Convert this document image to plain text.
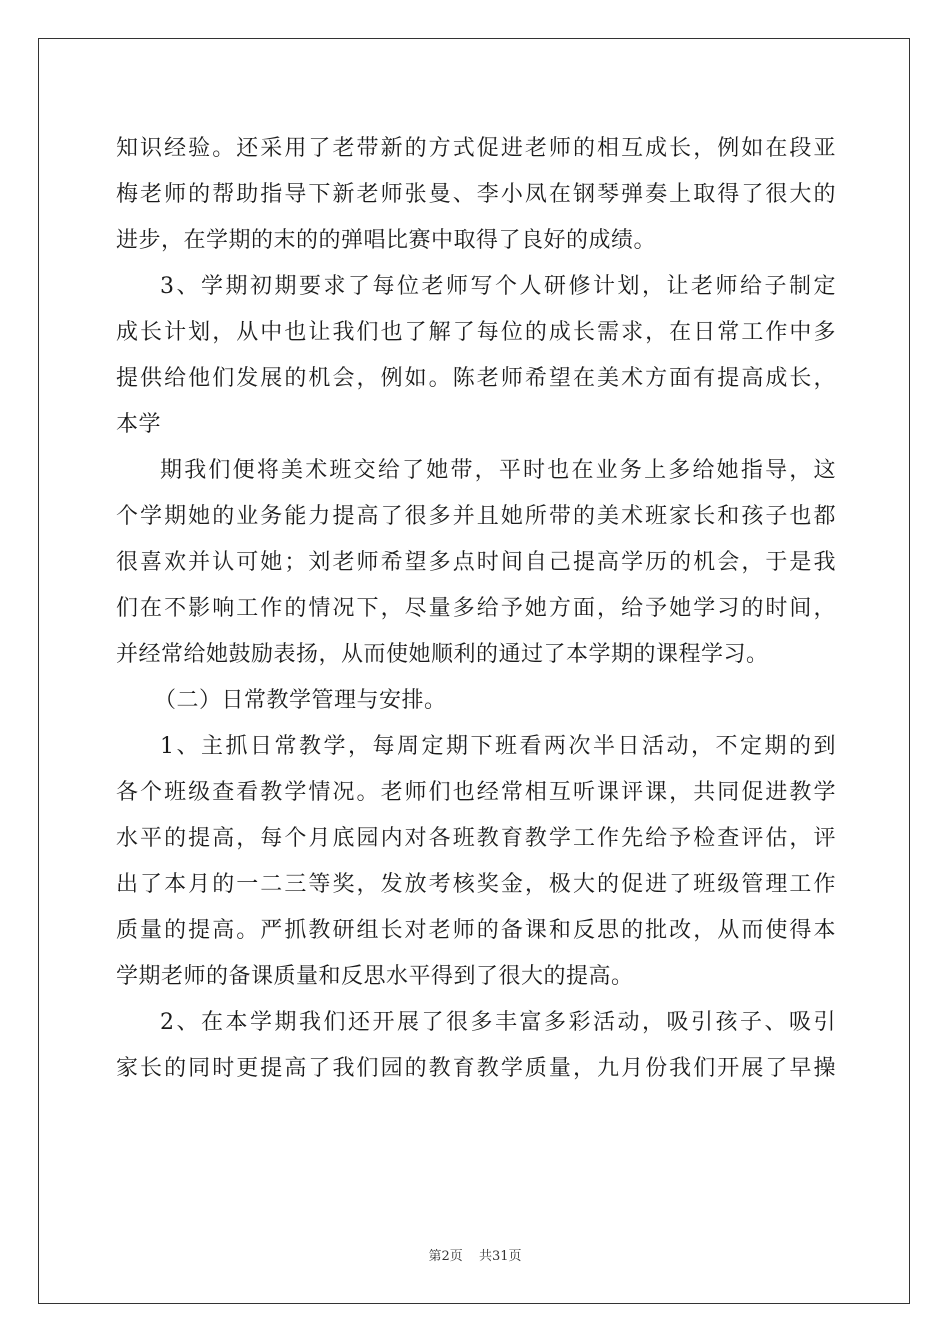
知识经验。还采用了老带新的方式促进老师的相互成长，例如在段亚
梅老师的帮助指导下新老师张曼、李小凤在钢琴弹奏上取得了很大的
进步，在学期的末的的弹唱比赛中取得了良好的成绩。
3、学期初期要求了每位老师写个人研修计划，让老师给子制定
成长计划，从中也让我们也了解了每位的成长需求，在日常工作中多
提供给他们发展的机会，例如。陈老师希望在美术方面有提高成长，
本学
期我们便将美术班交给了她带，平时也在业务上多给她指导，这
个学期她的业务能力提高了很多并且她所带的美术班家长和孩子也都
很喜欢并认可她；刘老师希望多点时间自己提高学历的机会，于是我
们在不影响工作的情况下，尽量多给予她方面，给予她学习的时间，
并经常给她鼓励表扬，从而使她顺利的通过了本学期的课程学习。
（二）日常教学管理与安排。
1、主抓日常教学，每周定期下班看两次半日活动，不定期的到
各个班级查看教学情况。老师们也经常相互听课评课，共同促进教学
水平的提高，每个月底园内对各班教育教学工作先给予检查评估，评
出了本月的一二三等奖，发放考核奖金，极大的促进了班级管理工作
质量的提高。严抓教研组长对老师的备课和反思的批改，从而使得本
学期老师的备课质量和反思水平得到了很大的提高。
2、在本学期我们还开展了很多丰富多彩活动，吸引孩子、吸引
家长的同时更提高了我们园的教育教学质量，九月份我们开展了早操
第2页 共31页
